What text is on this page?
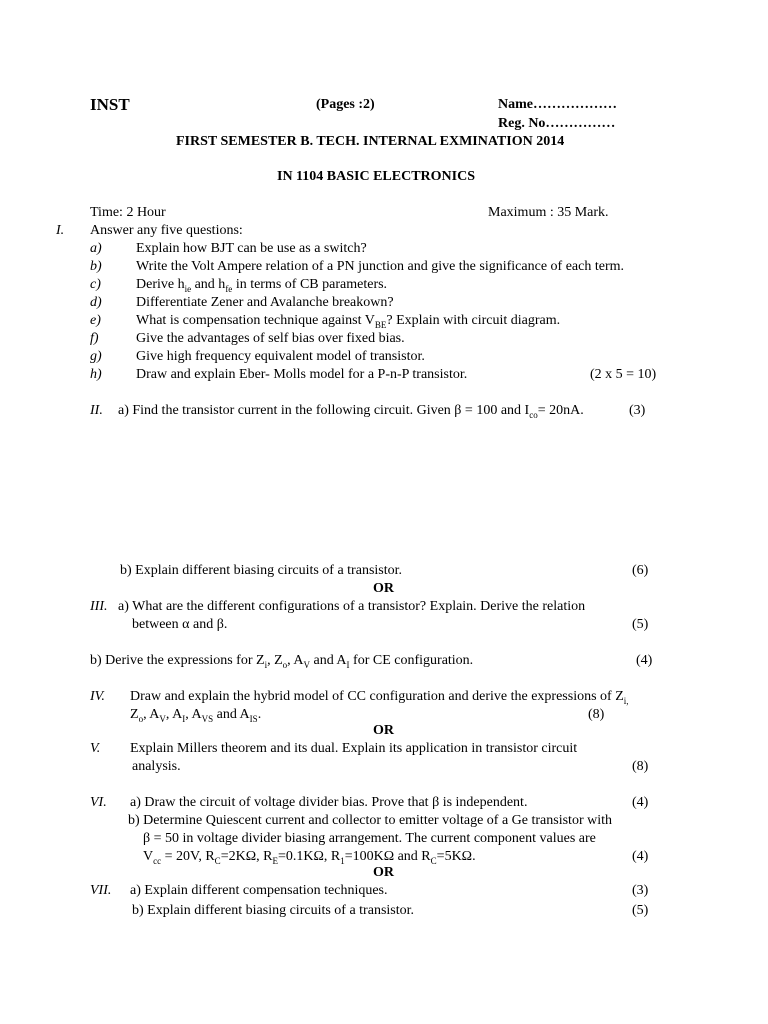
INST	(Pages :2)	Name………………
Reg. No……………
FIRST SEMESTER B. TECH. INTERNAL EXMINATION 2014
IN 1104 BASIC ELECTRONICS
Time: 2 Hour	Maximum : 35 Mark.
I. Answer any five questions:
a) Explain how BJT can be use as a switch?
b) Write the Volt Ampere relation of a PN junction and give the significance of each term.
c)	Derive $h_{ie}$ and $h_{fe}$ in terms of CB parameters.
d) Differentiate Zener and Avalanche breakown?
e)	What is compensation technique against $V_{BE}$? Explain with circuit diagram.
f)	Give the advantages of self bias over fixed bias.
g) Give high frequency equivalent model of transistor.
h) Draw and explain Eber- Molls model for a P-n-P transistor.	(2 x 5 = 10)
II. a) Find the transistor current in the following circuit. Given β = 100 and $I_{co}= 20nA$.	(3)
b) Explain different biasing circuits of a transistor.	(6)
OR
III. a) What are the different configurations of a transistor? Explain. Derive the relation
between α and β.	(5)
b) Derive the expressions for $Z_i$, $Z_o$, $A_V$ and $A_I$ for CE configuration.	(4)
IV. Draw and explain the hybrid model of CC configuration and derive the expressions of $Z_{i,}$
$Z_o$, $A_V$, $A_I$, $A_{VS}$ and $A_{IS}$.	(8)
OR
V. Explain Millers theorem and its dual. Explain its application in transistor circuit
analysis.	(8)
VI. a) Draw the circuit of voltage divider bias. Prove that β is independent.	(4)
b) Determine Quiescent current and collector to emitter voltage of a Ge transistor with
β = 50 in voltage divider biasing arrangement. The current component values are
$V_{cc} = 20V$, $R_C=2K\Omega$, $R_E=0.1K\Omega$, $R_1=100K\Omega$ and $R_C=5K\Omega$.	(4)
OR
VII. a) Explain different compensation techniques.	(3)
b) Explain different biasing circuits of a transistor.	(5)
